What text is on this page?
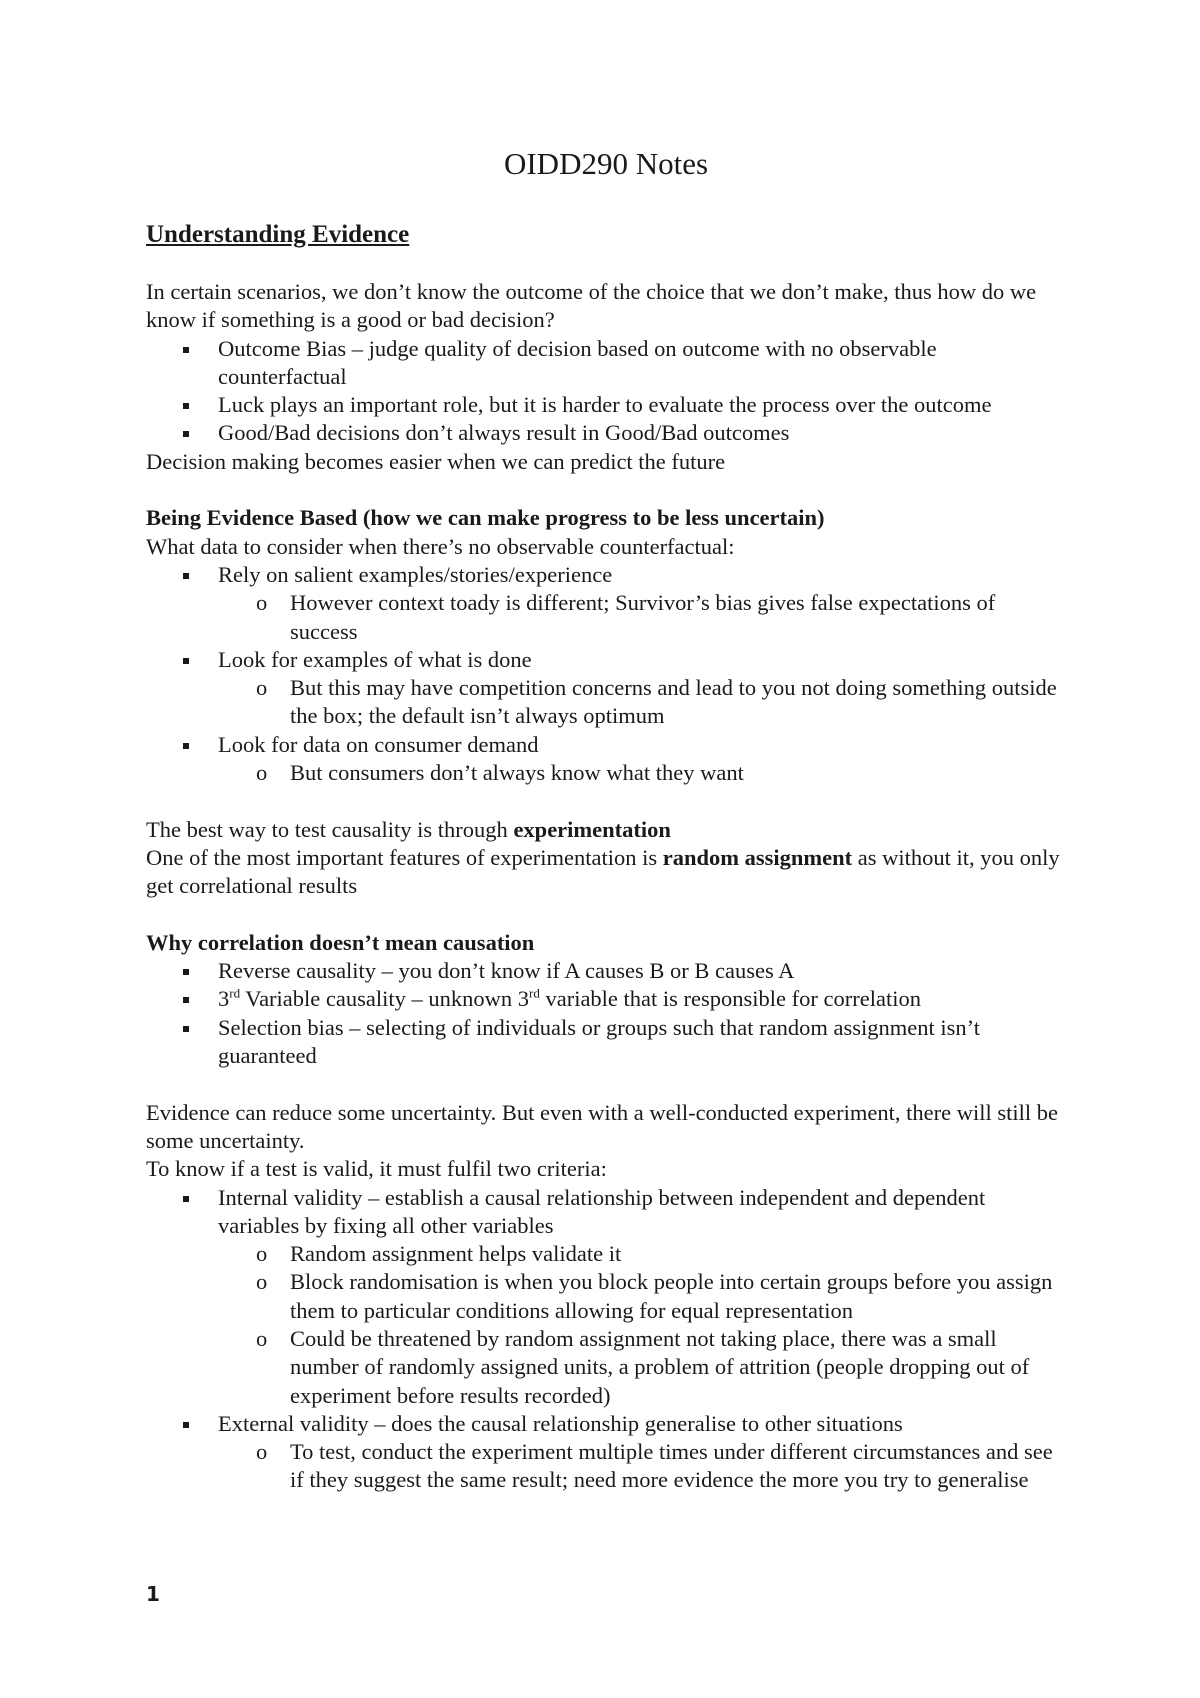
OIDD290 Notes
Understanding Evidence

In certain scenarios, we don’t know the outcome of the choice that we don’t make, thus how do we know if something is a good or bad decision?

Outcome Bias – judge quality of decision based on outcome with no observable counterfactual
Luck plays an important role, but it is harder to evaluate the process over the outcome
Good/Bad decisions don’t always result in Good/Bad outcomes

Decision making becomes easier when we can predict the future

Being Evidence Based (how we can make progress to be less uncertain)

What data to consider when there’s no observable counterfactual:

Rely on salient examples/stories/experience
o However context toady is different; Survivor’s bias gives false expectations of success
Look for examples of what is done
o But this may have competition concerns and lead to you not doing something outside the box; the default isn’t always optimum
Look for data on consumer demand
o But consumers don’t always know what they want

The best way to test causality is through experimentation

One of the most important features of experimentation is random assignment as without it, you only get correlational results

Why correlation doesn’t mean causation

Reverse causality – you don’t know if A causes B or B causes A
3rd Variable causality – unknown 3rd variable that is responsible for correlation
Selection bias – selecting of individuals or groups such that random assignment isn’t guaranteed

Evidence can reduce some uncertainty. But even with a well-conducted experiment, there will still be some uncertainty.

To know if a test is valid, it must fulfil two criteria:

Internal validity – establish a causal relationship between independent and dependent variables by fixing all other variables
o Random assignment helps validate it
o Block randomisation is when you block people into certain groups before you assign them to particular conditions allowing for equal representation
o Could be threatened by random assignment not taking place, there was a small number of randomly assigned units, a problem of attrition (people dropping out of experiment before results recorded)
External validity – does the causal relationship generalise to other situations
o To test, conduct the experiment multiple times under different circumstances and see if they suggest the same result; need more evidence the more you try to generalise
1
